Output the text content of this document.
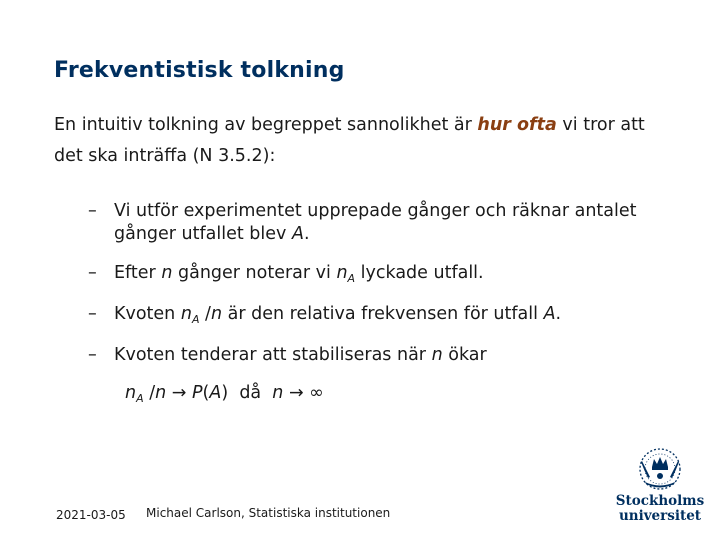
Frekventistisk tolkning
En intuitiv tolkning av begreppet sannolikhet är hur ofta vi tror att det ska inträffa (N 3.5.2):
– Vi utför experimentet upprepade gånger och räknar antalet gånger utfallet blev A.
– Efter n gånger noterar vi $n_A$ lyckade utfall.
– Kvoten $n_A$ /n är den relativa frekvensen för utfall A.
– Kvoten tenderar att stabiliseras när n ökar
$n_A$ /n → P(A)  då  n → ∞
2021-03-05 Michael Carlson, Statistiska institutionen
Stockholms
universitet
